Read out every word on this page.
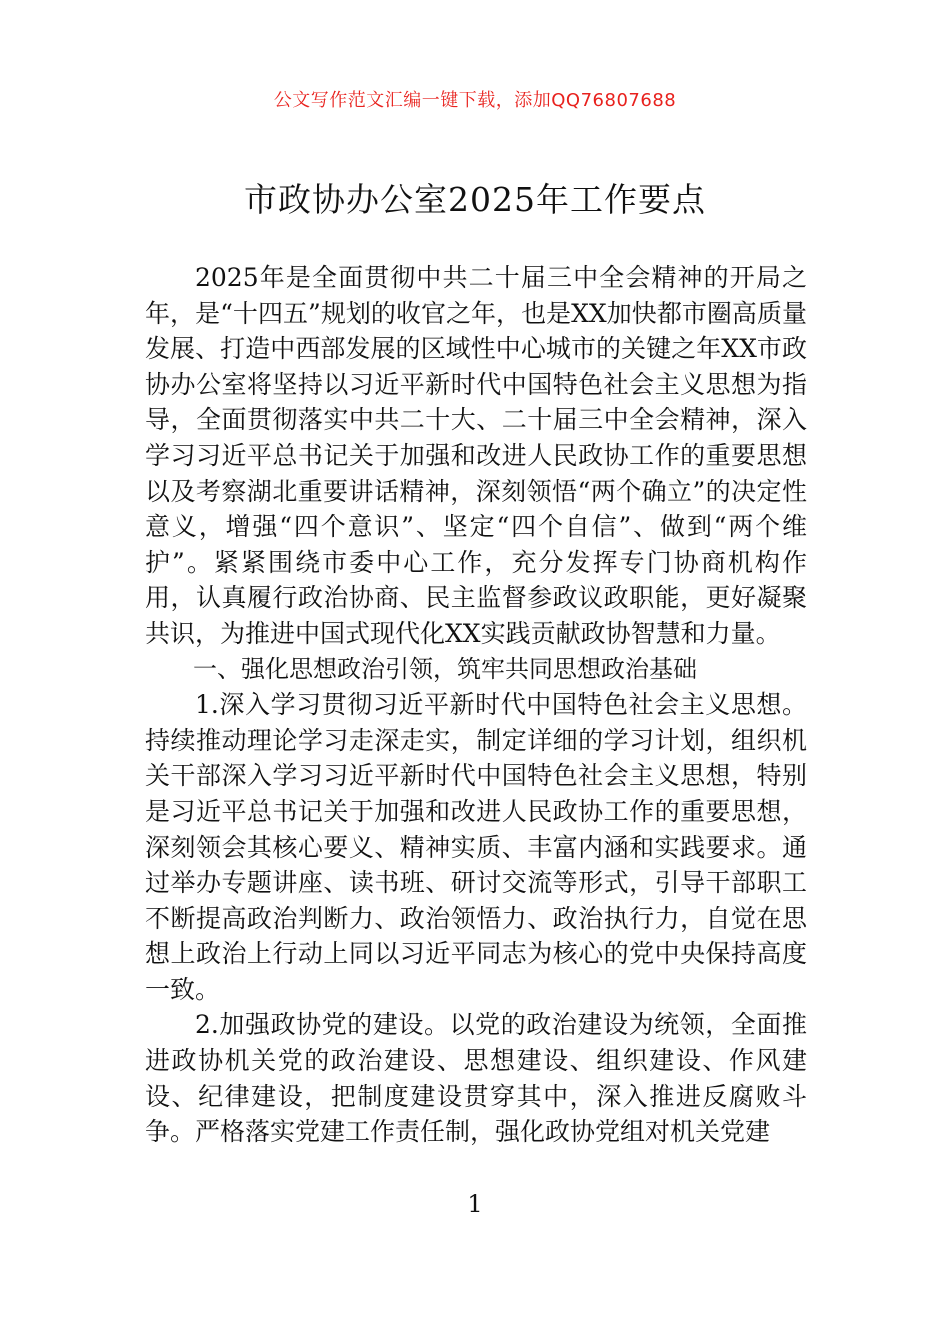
公文写作范文汇编一键下载，添加QQ76807688
市政协办公室2025年工作要点

2025年是全面贯彻中共二十届三中全会精神的开局之年，是“十四五”规划的收官之年，也是XX加快都市圈高质量发展、打造中西部发展的区域性中心城市的关键之年XX市政协办公室将坚持以习近平新时代中国特色社会主义思想为指导，全面贯彻落实中共二十大、二十届三中全会精神，深入学习习近平总书记关于加强和改进人民政协工作的重要思想以及考察湖北重要讲话精神，深刻领悟“两个确立”的决定性意义，增强“四个意识”、坚定“四个自信”、做到“两个维护”。紧紧围绕市委中心工作，充分发挥专门协商机构作用，认真履行政治协商、民主监督参政议政职能，更好凝聚共识，为推进中国式现代化XX实践贡献政协智慧和力量。

一、强化思想政治引领，筑牢共同思想政治基础

1.深入学习贯彻习近平新时代中国特色社会主义思想。持续推动理论学习走深走实，制定详细的学习计划，组织机关干部深入学习习近平新时代中国特色社会主义思想，特别是习近平总书记关于加强和改进人民政协工作的重要思想，深刻领会其核心要义、精神实质、丰富内涵和实践要求。通过举办专题讲座、读书班、研讨交流等形式，引导干部职工不断提高政治判断力、政治领悟力、政治执行力，自觉在思想上政治上行动上同以习近平同志为核心的党中央保持高度一致。

2.加强政协党的建设。以党的政治建设为统领，全面推进政协机关党的政治建设、思想建设、组织建设、作风建设、纪律建设，把制度建设贯穿其中，深入推进反腐败斗争。严格落实党建工作责任制，强化政协党组对机关党建

1
